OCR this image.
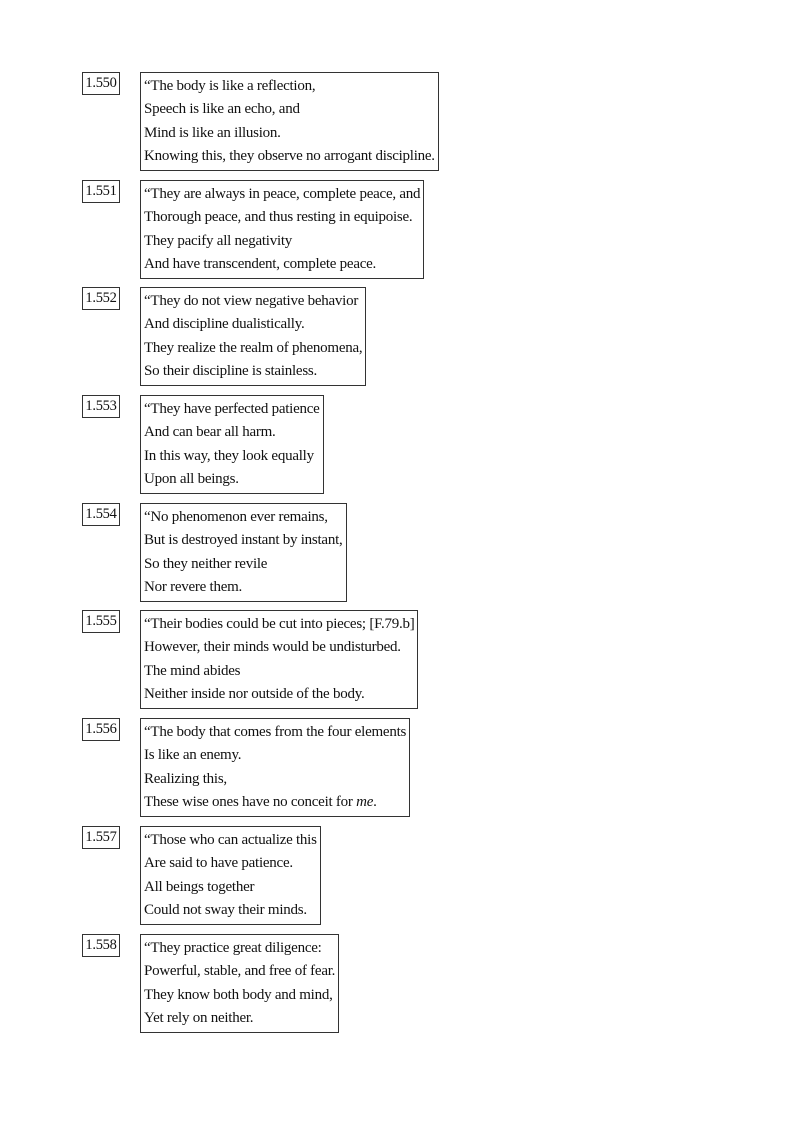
1.550 “The body is like a reflection,
Speech is like an echo, and
Mind is like an illusion.
Knowing this, they observe no arrogant discipline.
1.551 “They are always in peace, complete peace, and
Thorough peace, and thus resting in equipoise.
They pacify all negativity
And have transcendent, complete peace.
1.552 “They do not view negative behavior
And discipline dualistically.
They realize the realm of phenomena,
So their discipline is stainless.
1.553 “They have perfected patience
And can bear all harm.
In this way, they look equally
Upon all beings.
1.554 “No phenomenon ever remains,
But is destroyed instant by instant,
So they neither revile
Nor revere them.
1.555 “Their bodies could be cut into pieces; [F.79.b]
However, their minds would be undisturbed.
The mind abides
Neither inside nor outside of the body.
1.556 “The body that comes from the four elements
Is like an enemy.
Realizing this,
These wise ones have no conceit for me.
1.557 “Those who can actualize this
Are said to have patience.
All beings together
Could not sway their minds.
1.558 “They practice great diligence:
Powerful, stable, and free of fear.
They know both body and mind,
Yet rely on neither.
